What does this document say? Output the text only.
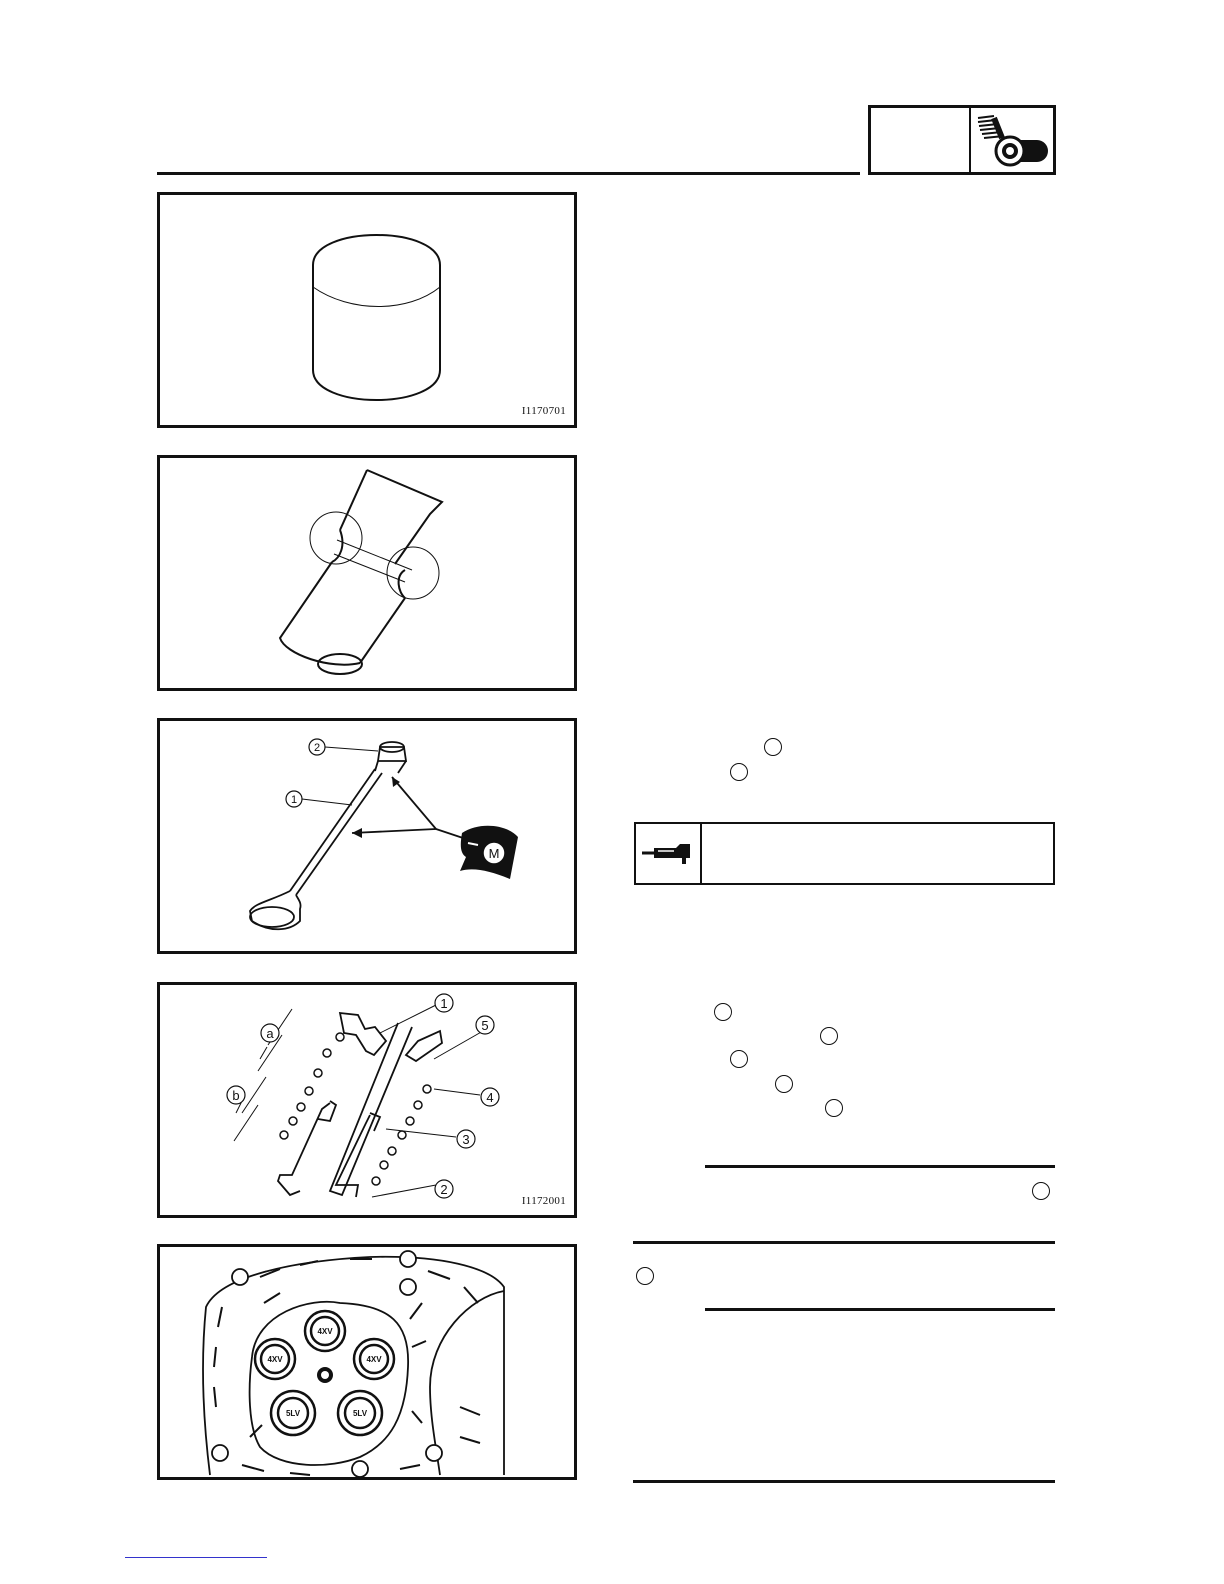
I1170701
M
2
1
1
5
4
3
2
a
b
I1172001
4XV
4XV	4XV
5LV	5LV
